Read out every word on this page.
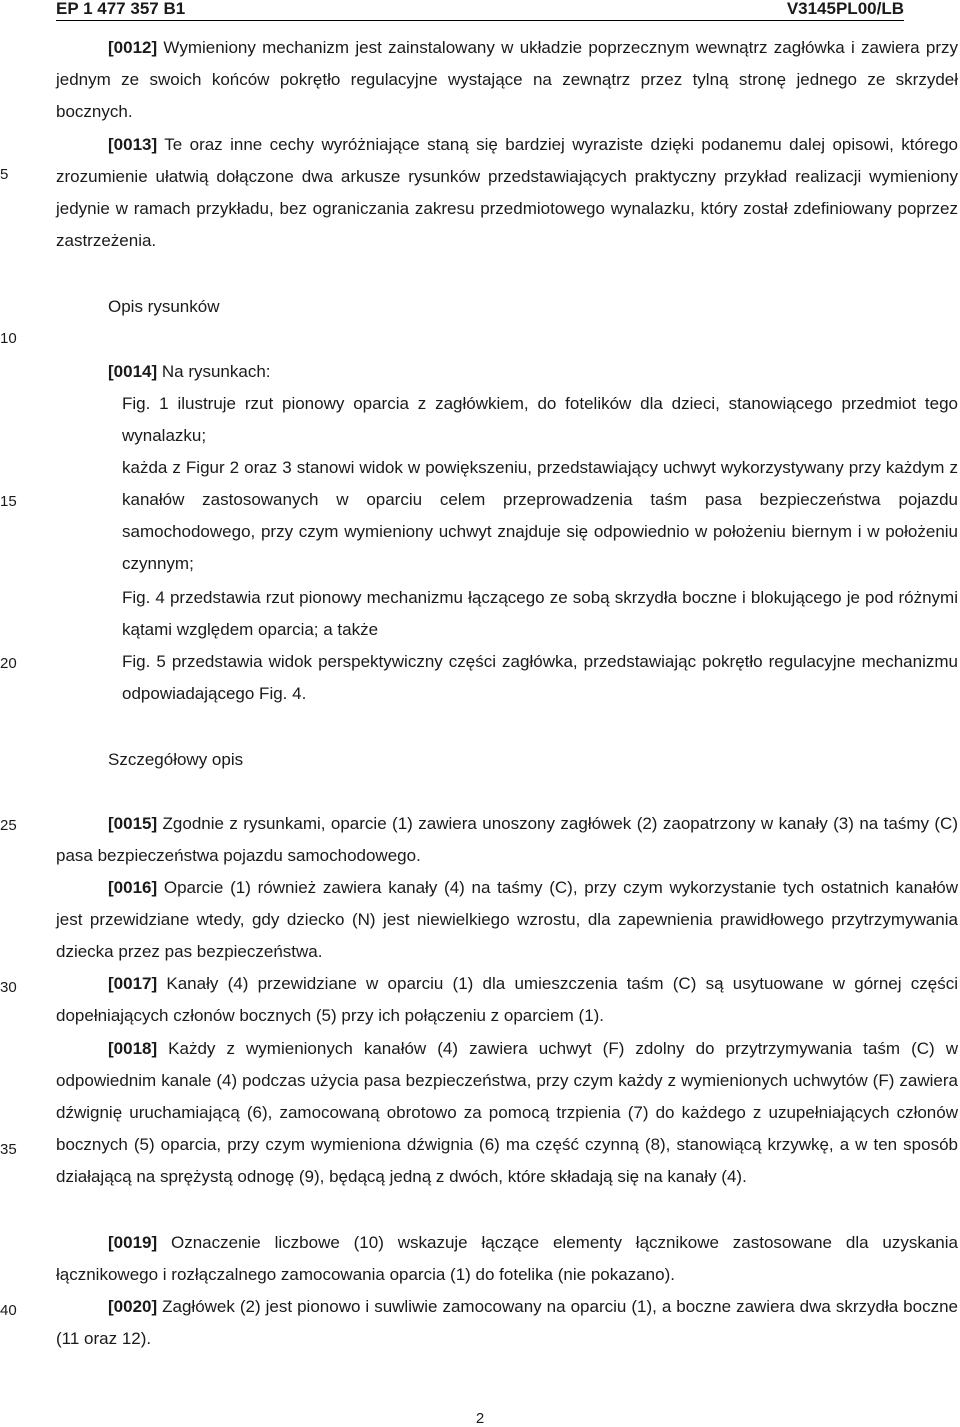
EP 1 477 357 B1	V3145PL00/LB
5
10
15
20
25
30
35
40

[0012] Wymieniony mechanizm jest zainstalowany w układzie poprzecznym wewnątrz zagłówka i zawiera przy jednym ze swoich końców pokrętło regulacyjne wystające na zewnątrz przez tylną stronę jednego ze skrzydeł bocznych.

[0013] Te oraz inne cechy wyróżniające staną się bardziej wyraziste dzięki podanemu dalej opisowi, którego zrozumienie ułatwią dołączone dwa arkusze rysunków przedstawiających praktyczny przykład realizacji wymieniony jedynie w ramach przykładu, bez ograniczania zakresu przedmiotowego wynalazku, który został zdefiniowany poprzez zastrzeżenia.

Opis rysunków

[0014] Na rysunkach:

Fig. 1 ilustruje rzut pionowy oparcia z zagłówkiem, do fotelików dla dzieci, stanowiącego przedmiot tego wynalazku;

każda z Figur 2 oraz 3 stanowi widok w powiększeniu, przedstawiający uchwyt wykorzystywany przy każdym z kanałów zastosowanych w oparciu celem przeprowadzenia taśm pasa bezpieczeństwa pojazdu samochodowego, przy czym wymieniony uchwyt znajduje się odpowiednio w położeniu biernym i w położeniu czynnym;

Fig. 4 przedstawia rzut pionowy mechanizmu łączącego ze sobą skrzydła boczne i blokującego je pod różnymi kątami względem oparcia; a także

Fig. 5 przedstawia widok perspektywiczny części zagłówka, przedstawiając pokrętło regulacyjne mechanizmu odpowiadającego Fig. 4.

Szczegółowy opis

[0015] Zgodnie z rysunkami, oparcie (1) zawiera unoszony zagłówek (2) zaopatrzony w kanały (3) na taśmy (C) pasa bezpieczeństwa pojazdu samochodowego.

[0016] Oparcie (1) również zawiera kanały (4) na taśmy (C), przy czym wykorzystanie tych ostatnich kanałów jest przewidziane wtedy, gdy dziecko (N) jest niewielkiego wzrostu, dla zapewnienia prawidłowego przytrzymywania dziecka przez pas bezpieczeństwa.

[0017] Kanały (4) przewidziane w oparciu (1) dla umieszczenia taśm (C) są usytuowane w górnej części dopełniających członów bocznych (5) przy ich połączeniu z oparciem (1).

[0018] Każdy z wymienionych kanałów (4) zawiera uchwyt (F) zdolny do przytrzymywania taśm (C) w odpowiednim kanale (4) podczas użycia pasa bezpieczeństwa, przy czym każdy z wymienionych uchwytów (F) zawiera dźwignię uruchamiającą (6), zamocowaną obrotowo za pomocą trzpienia (7) do każdego z uzupełniających członów bocznych (5) oparcia, przy czym wymieniona dźwignia (6) ma część czynną (8), stanowiącą krzywkę, a w ten sposób działającą na sprężystą odnogę (9), będącą jedną z dwóch, które składają się na kanały (4).

[0019] Oznaczenie liczbowe (10) wskazuje łączące elementy łącznikowe zastosowane dla uzyskania łącznikowego i rozłączalnego zamocowania oparcia (1) do fotelika (nie pokazano).

[0020] Zagłówek (2) jest pionowo i suwliwie zamocowany na oparciu (1), a boczne zawiera dwa skrzydła boczne (11 oraz 12).

2
